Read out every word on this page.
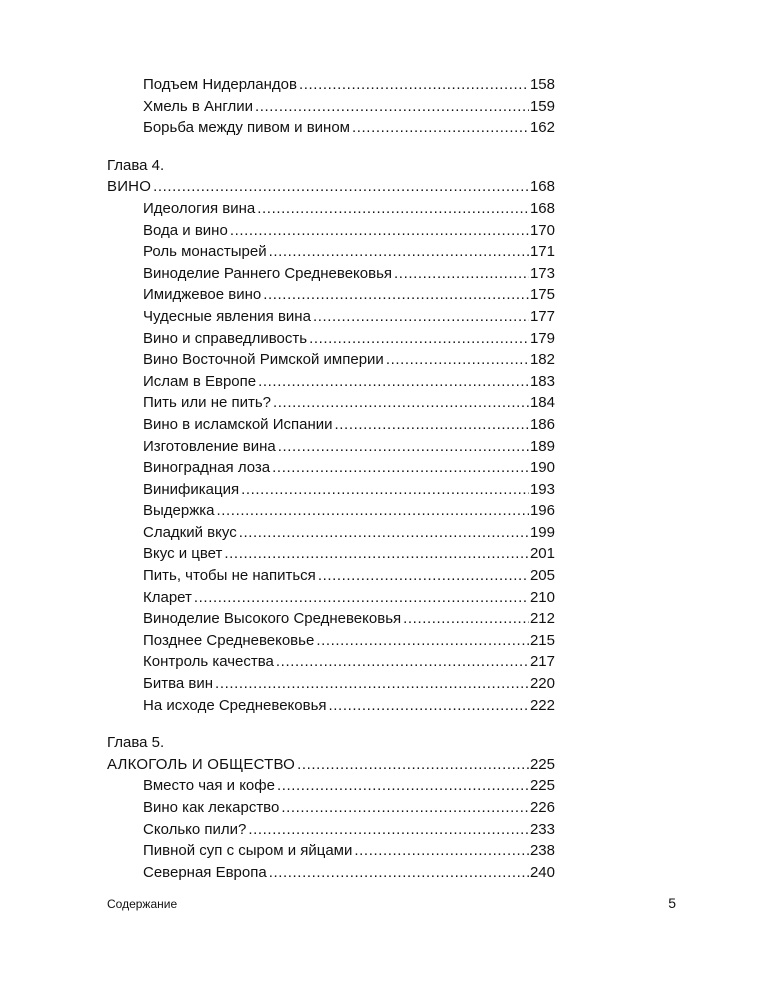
Подъем Нидерландов .....	158
Хмель в Англии .....	159
Борьба между пивом и вином .....	162
Глава 4.
ВИНО .....	168
Идеология вина .....	168
Вода и вино .....	170
Роль монастырей .....	171
Виноделие Раннего Средневековья .....	173
Имиджевое вино .....	175
Чудесные явления вина .....	177
Вино и справедливость .....	179
Вино Восточной Римской империи .....	182
Ислам в Европе .....	183
Пить или не пить? .....	184
Вино в исламской Испании .....	186
Изготовление вина .....	189
Виноградная лоза .....	190
Винификация .....	193
Выдержка .....	196
Сладкий вкус .....	199
Вкус и цвет .....	201
Пить, чтобы не напиться .....	205
Кларет .....	210
Виноделие Высокого Средневековья .....	212
Позднее Средневековье .....	215
Контроль качества .....	217
Битва вин .....	220
На исходе Средневековья .....	222
Глава 5.
АЛКОГОЛЬ И ОБЩЕСТВО .....	225
Вместо чая и кофе .....	225
Вино как лекарство .....	226
Сколько пили? .....	233
Пивной суп с сыром и яйцами .....	238
Северная Европа .....	240
Содержание	5
